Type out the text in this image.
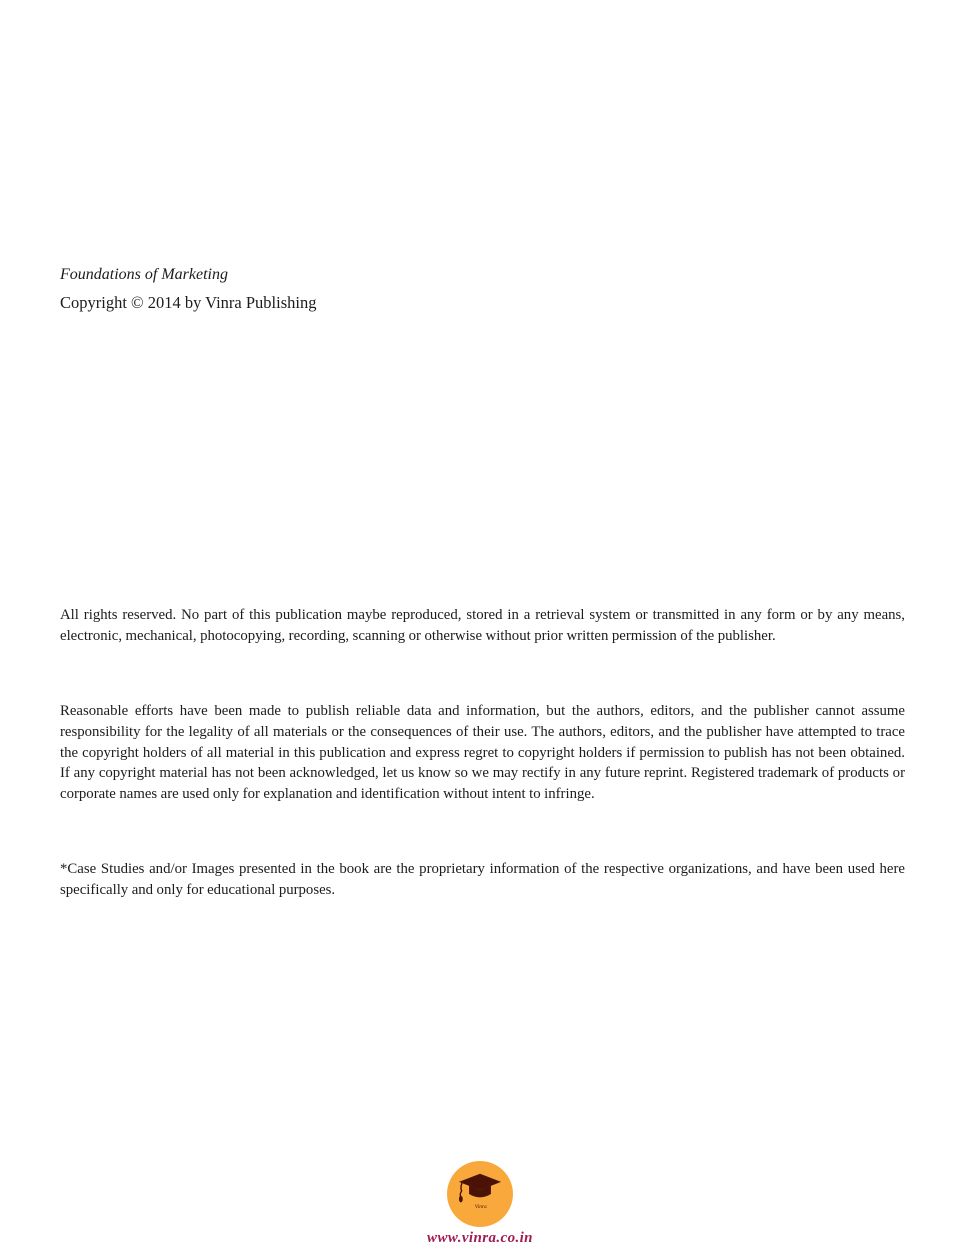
Foundations of Marketing
Copyright © 2014 by Vinra Publishing

All rights reserved. No part of this publication maybe reproduced, stored in a retrieval system or transmitted in any form or by any means, electronic, mechanical, photocopying, recording, scanning or otherwise without prior written permission of the publisher.

Reasonable efforts have been made to publish reliable data and information, but the authors, editors, and the publisher cannot assume responsibility for the legality of all materials or the consequences of their use. The authors, editors, and the publisher have attempted to trace the copyright holders of all material in this publication and express regret to copyright holders if permission to publish has not been obtained. If any copyright material has not been acknowledged, let us know so we may rectify in any future reprint. Registered trademark of products or corporate names are used only for explanation and identification without intent to infringe.

*Case Studies and/or Images presented in the book are the proprietary information of the respective organizations, and have been used here specifically and only for educational purposes.

Vinra
www.vinra.co.in
